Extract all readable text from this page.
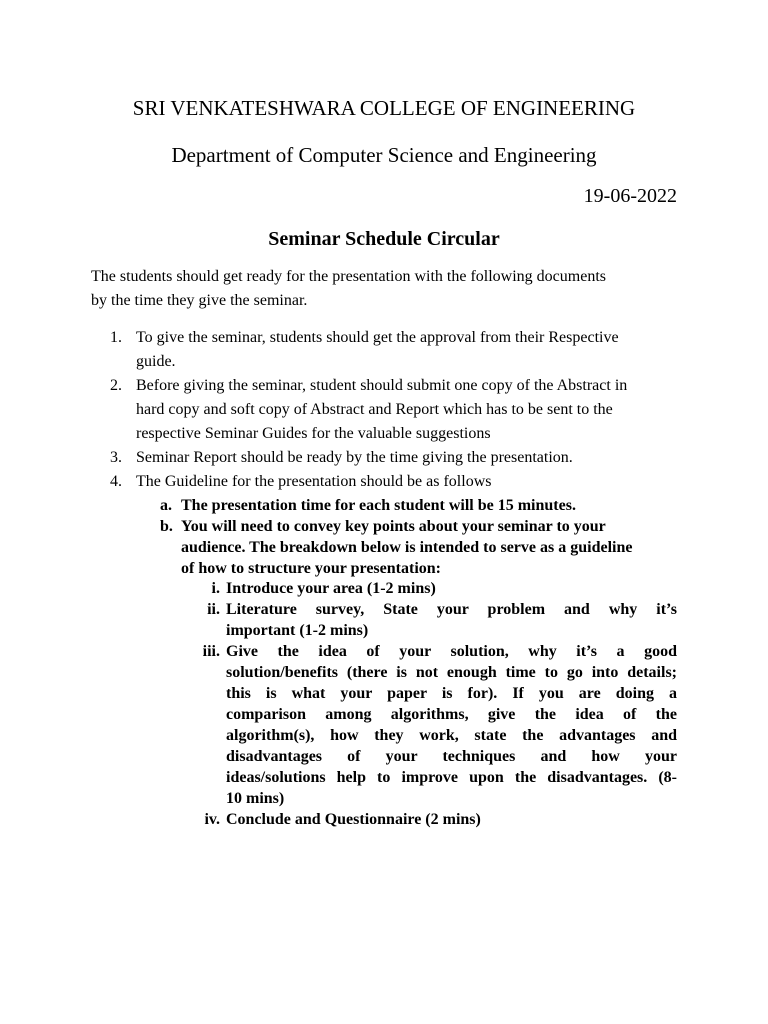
SRI VENKATESHWARA COLLEGE OF ENGINEERING
Department of Computer Science and Engineering
19-06-2022
Seminar Schedule Circular
The students should get ready for the presentation with the following documents
by the time they give the seminar.
1. To give the seminar, students should get the approval from their Respective
guide.
2. Before giving the seminar, student should submit one copy of the Abstract in
hard copy and soft copy of Abstract and Report which has to be sent to the
respective Seminar Guides for the valuable suggestions
3. Seminar Report should be ready by the time giving the presentation.
4. The Guideline for the presentation should be as follows
a. The presentation time for each student will be 15 minutes.
b. You will need to convey key points about your seminar to your
audience. The breakdown below is intended to serve as a guideline
of how to structure your presentation:
i. Introduce your area (1-2 mins)
ii. Literature survey, State your problem and why it’s
important (1-2 mins)
iii. Give the idea of your solution, why it’s a good
solution/benefits (there is not enough time to go into details;
this is what your paper is for). If you are doing a
comparison among algorithms, give the idea of the
algorithm(s), how they work, state the advantages and
disadvantages of your techniques and how your
ideas/solutions help to improve upon the disadvantages. (8-
10 mins)
iv. Conclude and Questionnaire (2 mins)
